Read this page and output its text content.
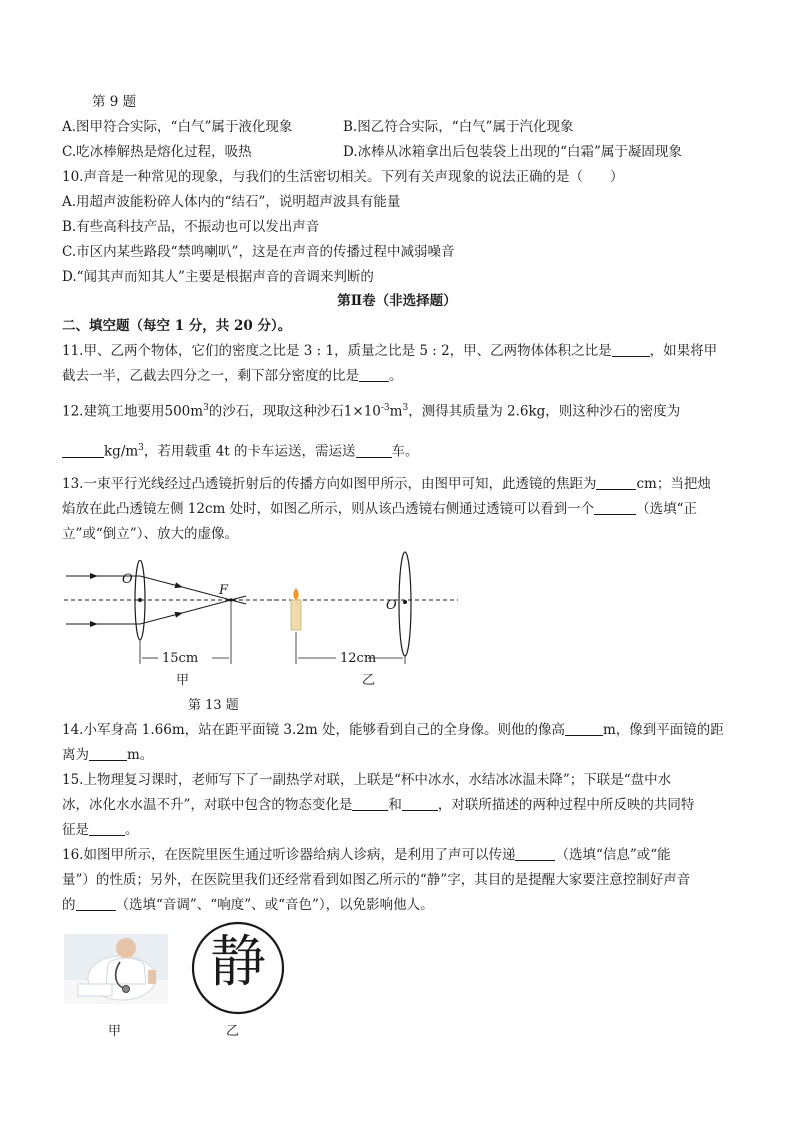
第 9 题
A.图甲符合实际，“白气”属于液化现象	B.图乙符合实际，“白气”属于汽化现象
C.吃冰棒解热是熔化过程，吸热	D.冰棒从冰箱拿出后包装袋上出现的“白霜”属于凝固现象
10.声音是一种常见的现象，与我们的生活密切相关。下列有关声现象的说法正确的是（　　）
A.用超声波能粉碎人体内的“结石”，说明超声波具有能量
B.有些高科技产品，不振动也可以发出声音
C.市区内某些路段“禁鸣喇叭”，这是在声音的传播过程中减弱噪音
D.“闻其声而知其人”主要是根据声音的音调来判断的
第Ⅱ卷（非选择题）
二、填空题（每空 1 分，共 20 分）。
11.甲、乙两个物体，它们的密度之比是 3 : 1，质量之比是 5 : 2，甲、乙两物体体积之比是	，如果将甲
截去一半，乙截去四分之一，剩下部分密度的比是 。
12.建筑工地要用$500m^3$的沙石，现取这种沙石$1\times 10^{-3}m^3$，测得其质量为 2.6kg，则这种沙石的密度为
$kg/m^3$，若用载重 4t 的卡车运送，需运送	车。
13.一束平行光线经过凸透镜折射后的传播方向如图甲所示，由图甲可知，此透镜的焦距为	cm；当把烛
焰放在此凸透镜左侧 12cm 处时，如图乙所示，则从该凸透镜右侧通过透镜可以看到一个	（选填“正
立”或“倒立”）、放大的虚像。
O
F
15cm
甲
O
12cm
乙
第 13 题
14.小军身高 1.66m，站在距平面镜 3.2m 处，能够看到自己的全身像。则他的像高	m，像到平面镜的距
离为	m。
15.上物理复习课时，老师写下了一副热学对联，上联是“杯中冰水，水结冰冰温未降”；下联是“盘中水
冰，冰化水水温不升”，对联中包含的物态变化是	和	，对联所描述的两种过程中所反映的共同特
征是	。
16.如图甲所示，在医院里医生通过听诊器给病人诊病，是利用了声可以传递	（选填“信息”或“能
量”）的性质；另外，在医院里我们还经常看到如图乙所示的“静”字，其目的是提醒大家要注意控制好声音
的	（选填“音调”、“响度”、或“音色”），以免影响他人。
甲
静
乙
